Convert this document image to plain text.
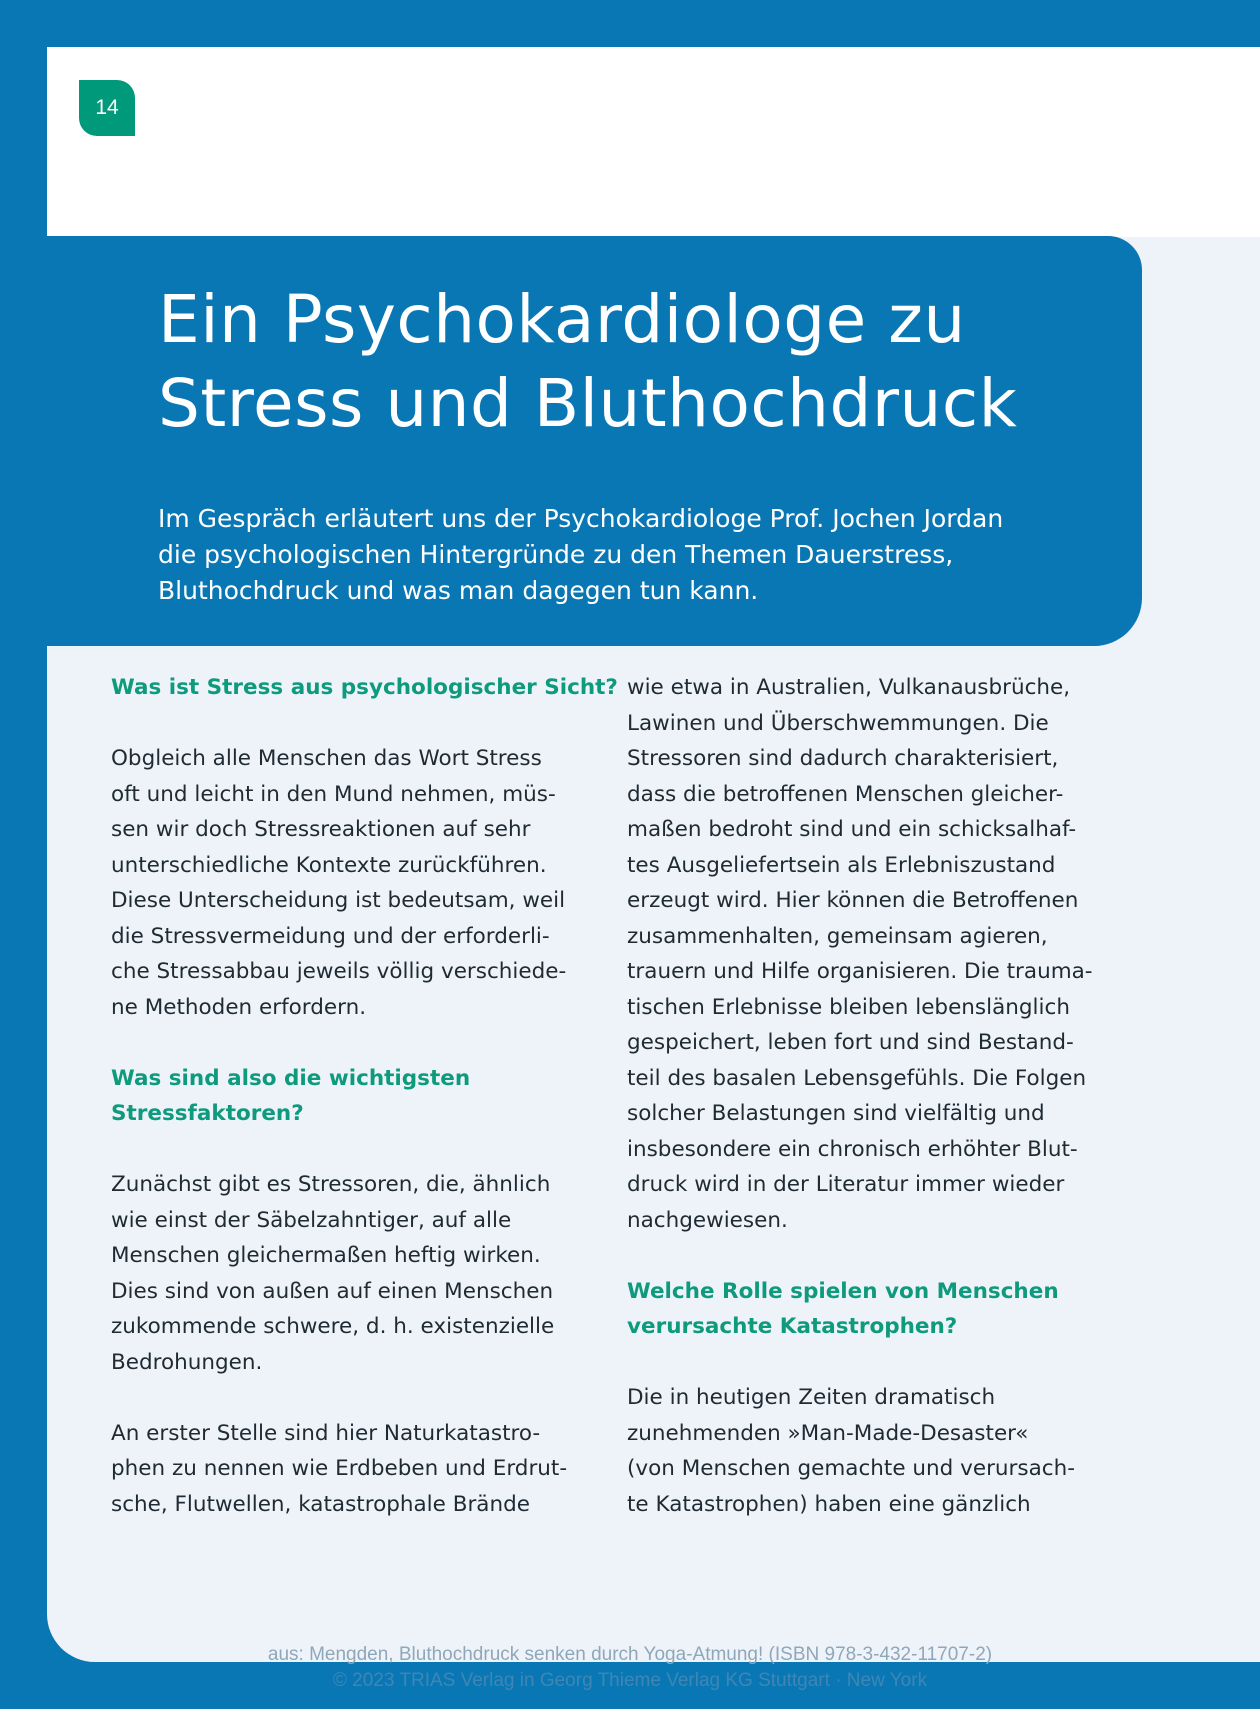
14
Ein Psychokardiologe zu
Stress und Bluthochdruck

Im Gespräch erläutert uns der Psychokardiologe Prof. Jochen Jordan
die psychologischen Hintergründe zu den Themen Dauerstress,
Bluthochdruck und was man dagegen tun kann.

Was ist Stress aus psychologischer Sicht?

Obgleich alle Menschen das Wort Stress
oft und leicht in den Mund nehmen, müs-
sen wir doch Stressreaktionen auf sehr
unterschiedliche Kontexte zurückführen.
Diese Unterscheidung ist bedeutsam, weil
die Stressvermeidung und der erforderli-
che Stressabbau jeweils völlig verschiede-
ne Methoden erfordern.

Was sind also die wichtigsten
Stressfaktoren?

Zunächst gibt es Stressoren, die, ähnlich
wie einst der Säbelzahntiger, auf alle
Menschen gleichermaßen heftig wirken.
Dies sind von außen auf einen Menschen
zukommende schwere, d. h. existenzielle
Bedrohungen.

An erster Stelle sind hier Naturkatastro-
phen zu nennen wie Erdbeben und Erdrut-
sche, Flutwellen, katastrophale Brände

wie etwa in Australien, Vulkanausbrüche,
Lawinen und Überschwemmungen. Die
Stressoren sind dadurch charakterisiert,
dass die betroffenen Menschen gleicher-
maßen bedroht sind und ein schicksalhaf-
tes Ausgeliefertsein als Erlebniszustand
erzeugt wird. Hier können die Betroffenen
zusammenhalten, gemeinsam agieren,
trauern und Hilfe organisieren. Die trauma-
tischen Erlebnisse bleiben lebenslänglich
gespeichert, leben fort und sind Bestand-
teil des basalen Lebensgefühls. Die Folgen
solcher Belastungen sind vielfältig und
insbesondere ein chronisch erhöhter Blut-
druck wird in der Literatur immer wieder
nachgewiesen.

Welche Rolle spielen von Menschen
verursachte Katastrophen?

Die in heutigen Zeiten dramatisch
zunehmenden »Man-Made-Desaster«
(von Menschen gemachte und verursach-
te Katastrophen) haben eine gänzlich

aus: Mengden, Bluthochdruck senken durch Yoga-Atmung! (ISBN 978-3-432-11707-2)
© 2023 TRIAS Verlag in Georg Thieme Verlag KG Stuttgart · New York
